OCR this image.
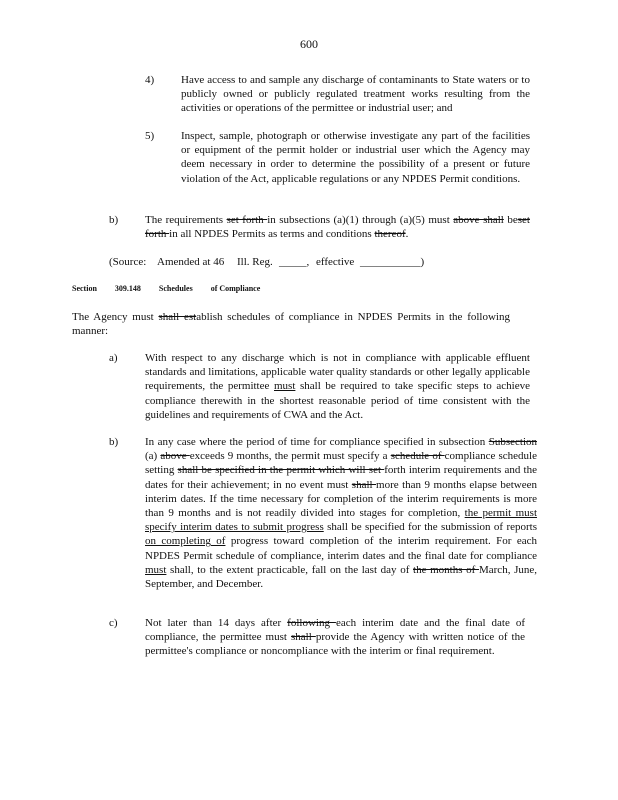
600
4) Have access to and sample any discharge of contaminants to State waters or to publicly owned or publicly regulated treatment works resulting from the activities or operations of the permittee or industrial user; and
5) Inspect, sample, photograph or otherwise investigate any part of the facilities or equipment of the permit holder or industrial user which the Agency may deem necessary in order to determine the possibility of a present or future violation of the Act, applicable regulations or any NPDES Permit conditions.
b) The requirements set forth in subsections (a)(1) through (a)(5) must above shall beset forth in all NPDES Permits as terms and conditions thereof.
(Source: Amended at 46 Ill. Reg. _____, effective ___________)
Section 309.148 Schedules of Compliance
The Agency must shall establish schedules of compliance in NPDES Permits in the following manner:
a) With respect to any discharge which is not in compliance with applicable effluent standards and limitations, applicable water quality standards or other legally applicable requirements, the permittee must shall be required to take specific steps to achieve compliance therewith in the shortest reasonable period of time consistent with the guidelines and requirements of CWA and the Act.
b) In any case where the period of time for compliance specified in subsection Subsection (a) above exceeds 9 months, the permit must specify a schedule of compliance schedule setting shall be specified in the permit which will set forth interim requirements and the dates for their achievement; in no event must shall more than 9 months elapse between interim dates. If the time necessary for completion of the interim requirements is more than 9 months and is not readily divided into stages for completion, the permit must specify interim dates to submit progress shall be specified for the submission of reports on completing of progress toward completion of the interim requirement. For each NPDES Permit schedule of compliance, interim dates and the final date for compliance must shall, to the extent practicable, fall on the last day of the months of March, June, September, and December.
c) Not later than 14 days after following each interim date and the final date of compliance, the permittee must shall provide the Agency with written notice of the permittee's compliance or noncompliance with the interim or final requirement.
